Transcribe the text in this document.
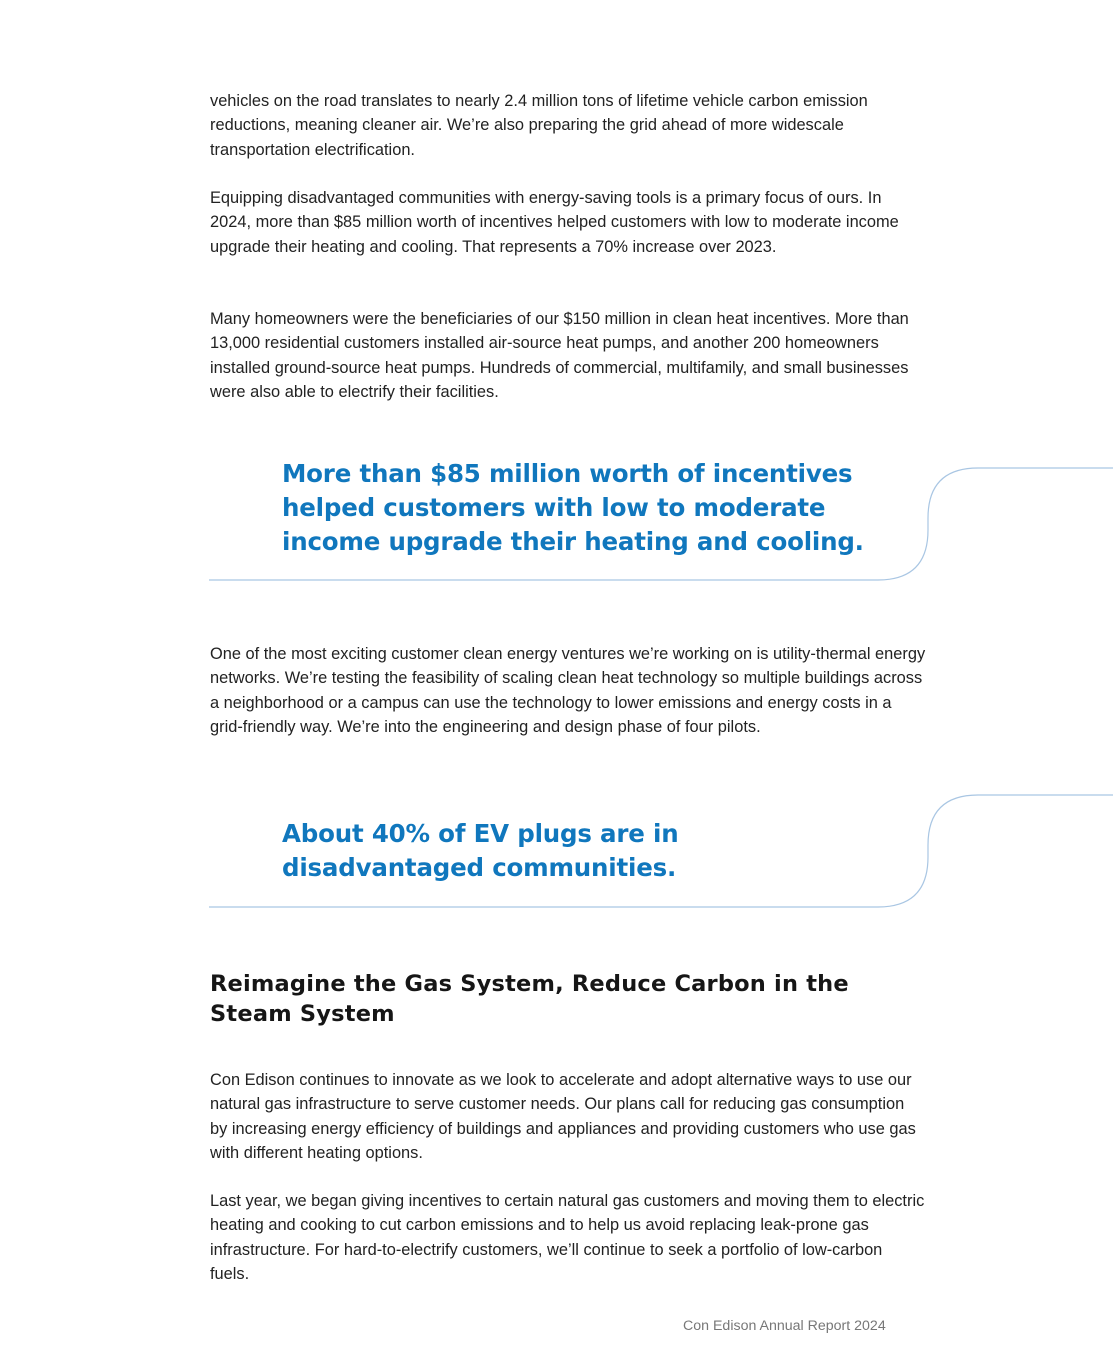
vehicles on the road translates to nearly 2.4 million tons of lifetime vehicle carbon emission reductions, meaning cleaner air. We’re also preparing the grid ahead of more widescale transportation electrification.

Equipping disadvantaged communities with energy-saving tools is a primary focus of ours. In 2024, more than $85 million worth of incentives helped customers with low to moderate income upgrade their heating and cooling. That represents a 70% increase over 2023.

Many homeowners were the beneficiaries of our $150 million in clean heat incentives. More than 13,000 residential customers installed air-source heat pumps, and another 200 homeowners installed ground-source heat pumps. Hundreds of commercial, multifamily, and small businesses were also able to electrify their facilities.

More than $85 million worth of incentives helped customers with low to moderate income upgrade their heating and cooling.

One of the most exciting customer clean energy ventures we’re working on is utility-thermal energy networks. We’re testing the feasibility of scaling clean heat technology so multiple buildings across a neighborhood or a campus can use the technology to lower emissions and energy costs in a grid-friendly way. We’re into the engineering and design phase of four pilots.

About 40% of EV plugs are in disadvantaged communities.

Reimagine the Gas System, Reduce Carbon in the Steam System

Con Edison continues to innovate as we look to accelerate and adopt alternative ways to use our natural gas infrastructure to serve customer needs. Our plans call for reducing gas consumption by increasing energy efficiency of buildings and appliances and providing customers who use gas with different heating options.

Last year, we began giving incentives to certain natural gas customers and moving them to electric heating and cooking to cut carbon emissions and to help us avoid replacing leak-prone gas infrastructure. For hard-to-electrify customers, we’ll continue to seek a portfolio of low-carbon fuels.

Con Edison Annual Report 2024
